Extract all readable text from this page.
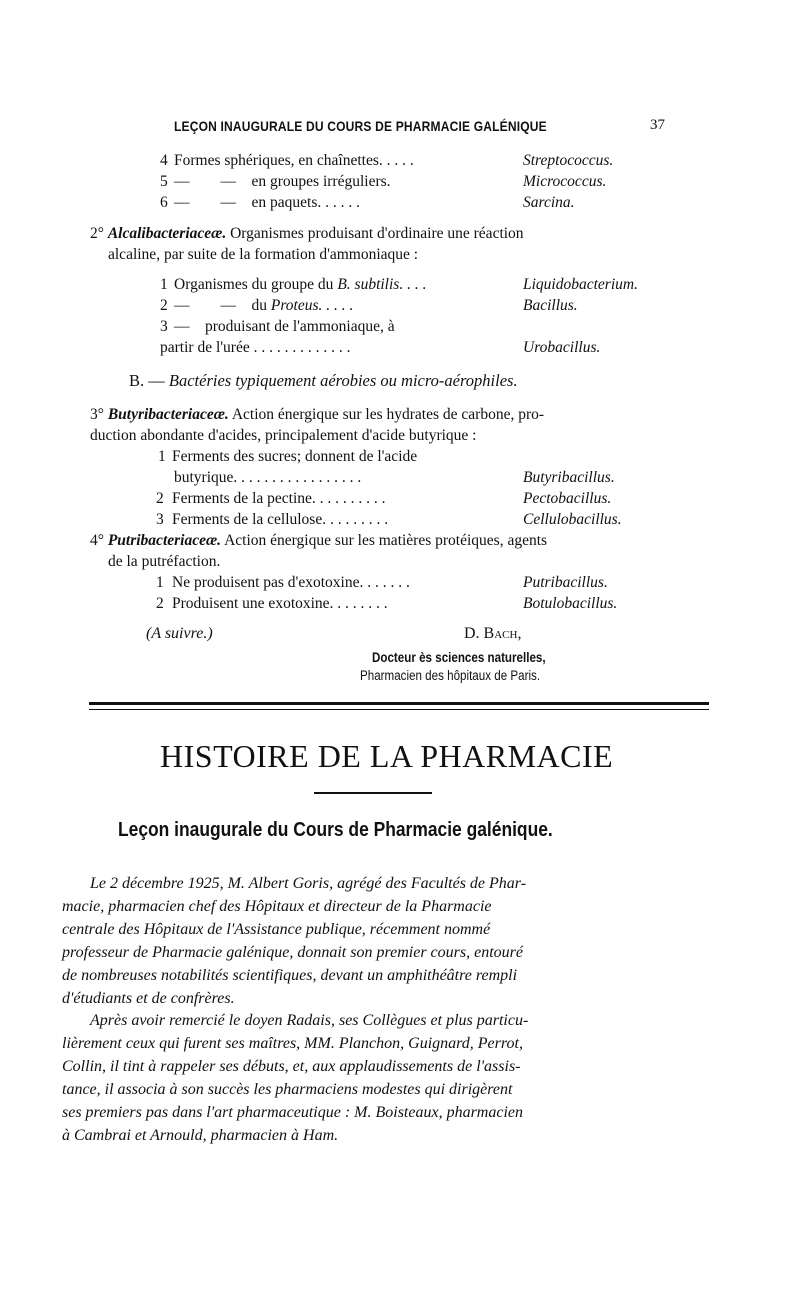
LEÇON INAUGURALE DU COURS DE PHARMACIE GALÉNIQUE	37
4 Formes sphériques, en chaînettes. . . . .	Streptococcus.
5 —        —    en groupes irréguliers.	Micrococcus.
6 —        —    en paquets. . . . . .	Sarcina.
2° Alcalibacteriaceæ. Organismes produisant d'ordinaire une réaction
alcaline, par suite de la formation d'ammoniaque :
1 Organismes du groupe du B. subtilis. . . .	Liquidobacterium.
2 —        —    du Proteus. . . . .	Bacillus.
3 —    produisant de l'ammoniaque, à
partir de l'urée . . . . . . . . . . . . .	Urobacillus.
B. — Bactéries typiquement aérobies ou micro-aérophiles.
3° Butyribacteriaceæ. Action énergique sur les hydrates de carbone, pro-
duction abondante d'acides, principalement d'acide butyrique :
1 Ferments des sucres; donnent de l'acide
butyrique. . . . . . . . . . . . . . . . .	Butyribacillus.
2 Ferments de la pectine. . . . . . . . . .	Pectobacillus.
3 Ferments de la cellulose. . . . . . . . .	Cellulobacillus.
4° Putribacteriaceæ. Action énergique sur les matières protéiques, agents
de la putréfaction.
1 Ne produisent pas d'exotoxine. . . . . . .	Putribacillus.
2 Produisent une exotoxine. . . . . . . .	Botulobacillus.
(A suivre.)	D. Bach,
Docteur ès sciences naturelles,
Pharmacien des hôpitaux de Paris.
HISTOIRE DE LA PHARMACIE
Leçon inaugurale du Cours de Pharmacie galénique.
Le 2 décembre 1925, M. Albert Goris, agrégé des Facultés de Phar-
macie, pharmacien chef des Hôpitaux et directeur de la Pharmacie
centrale des Hôpitaux de l'Assistance publique, récemment nommé
professeur de Pharmacie galénique, donnait son premier cours, entouré
de nombreuses notabilités scientifiques, devant un amphithéâtre rempli
d'étudiants et de confrères.
Après avoir remercié le doyen Radais, ses Collègues et plus particu-
lièrement ceux qui furent ses maîtres, MM. Planchon, Guignard, Perrot,
Collin, il tint à rappeler ses débuts, et, aux applaudissements de l'assis-
tance, il associa à son succès les pharmaciens modestes qui dirigèrent
ses premiers pas dans l'art pharmaceutique : M. Boisteaux, pharmacien
à Cambrai et Arnould, pharmacien à Ham.
